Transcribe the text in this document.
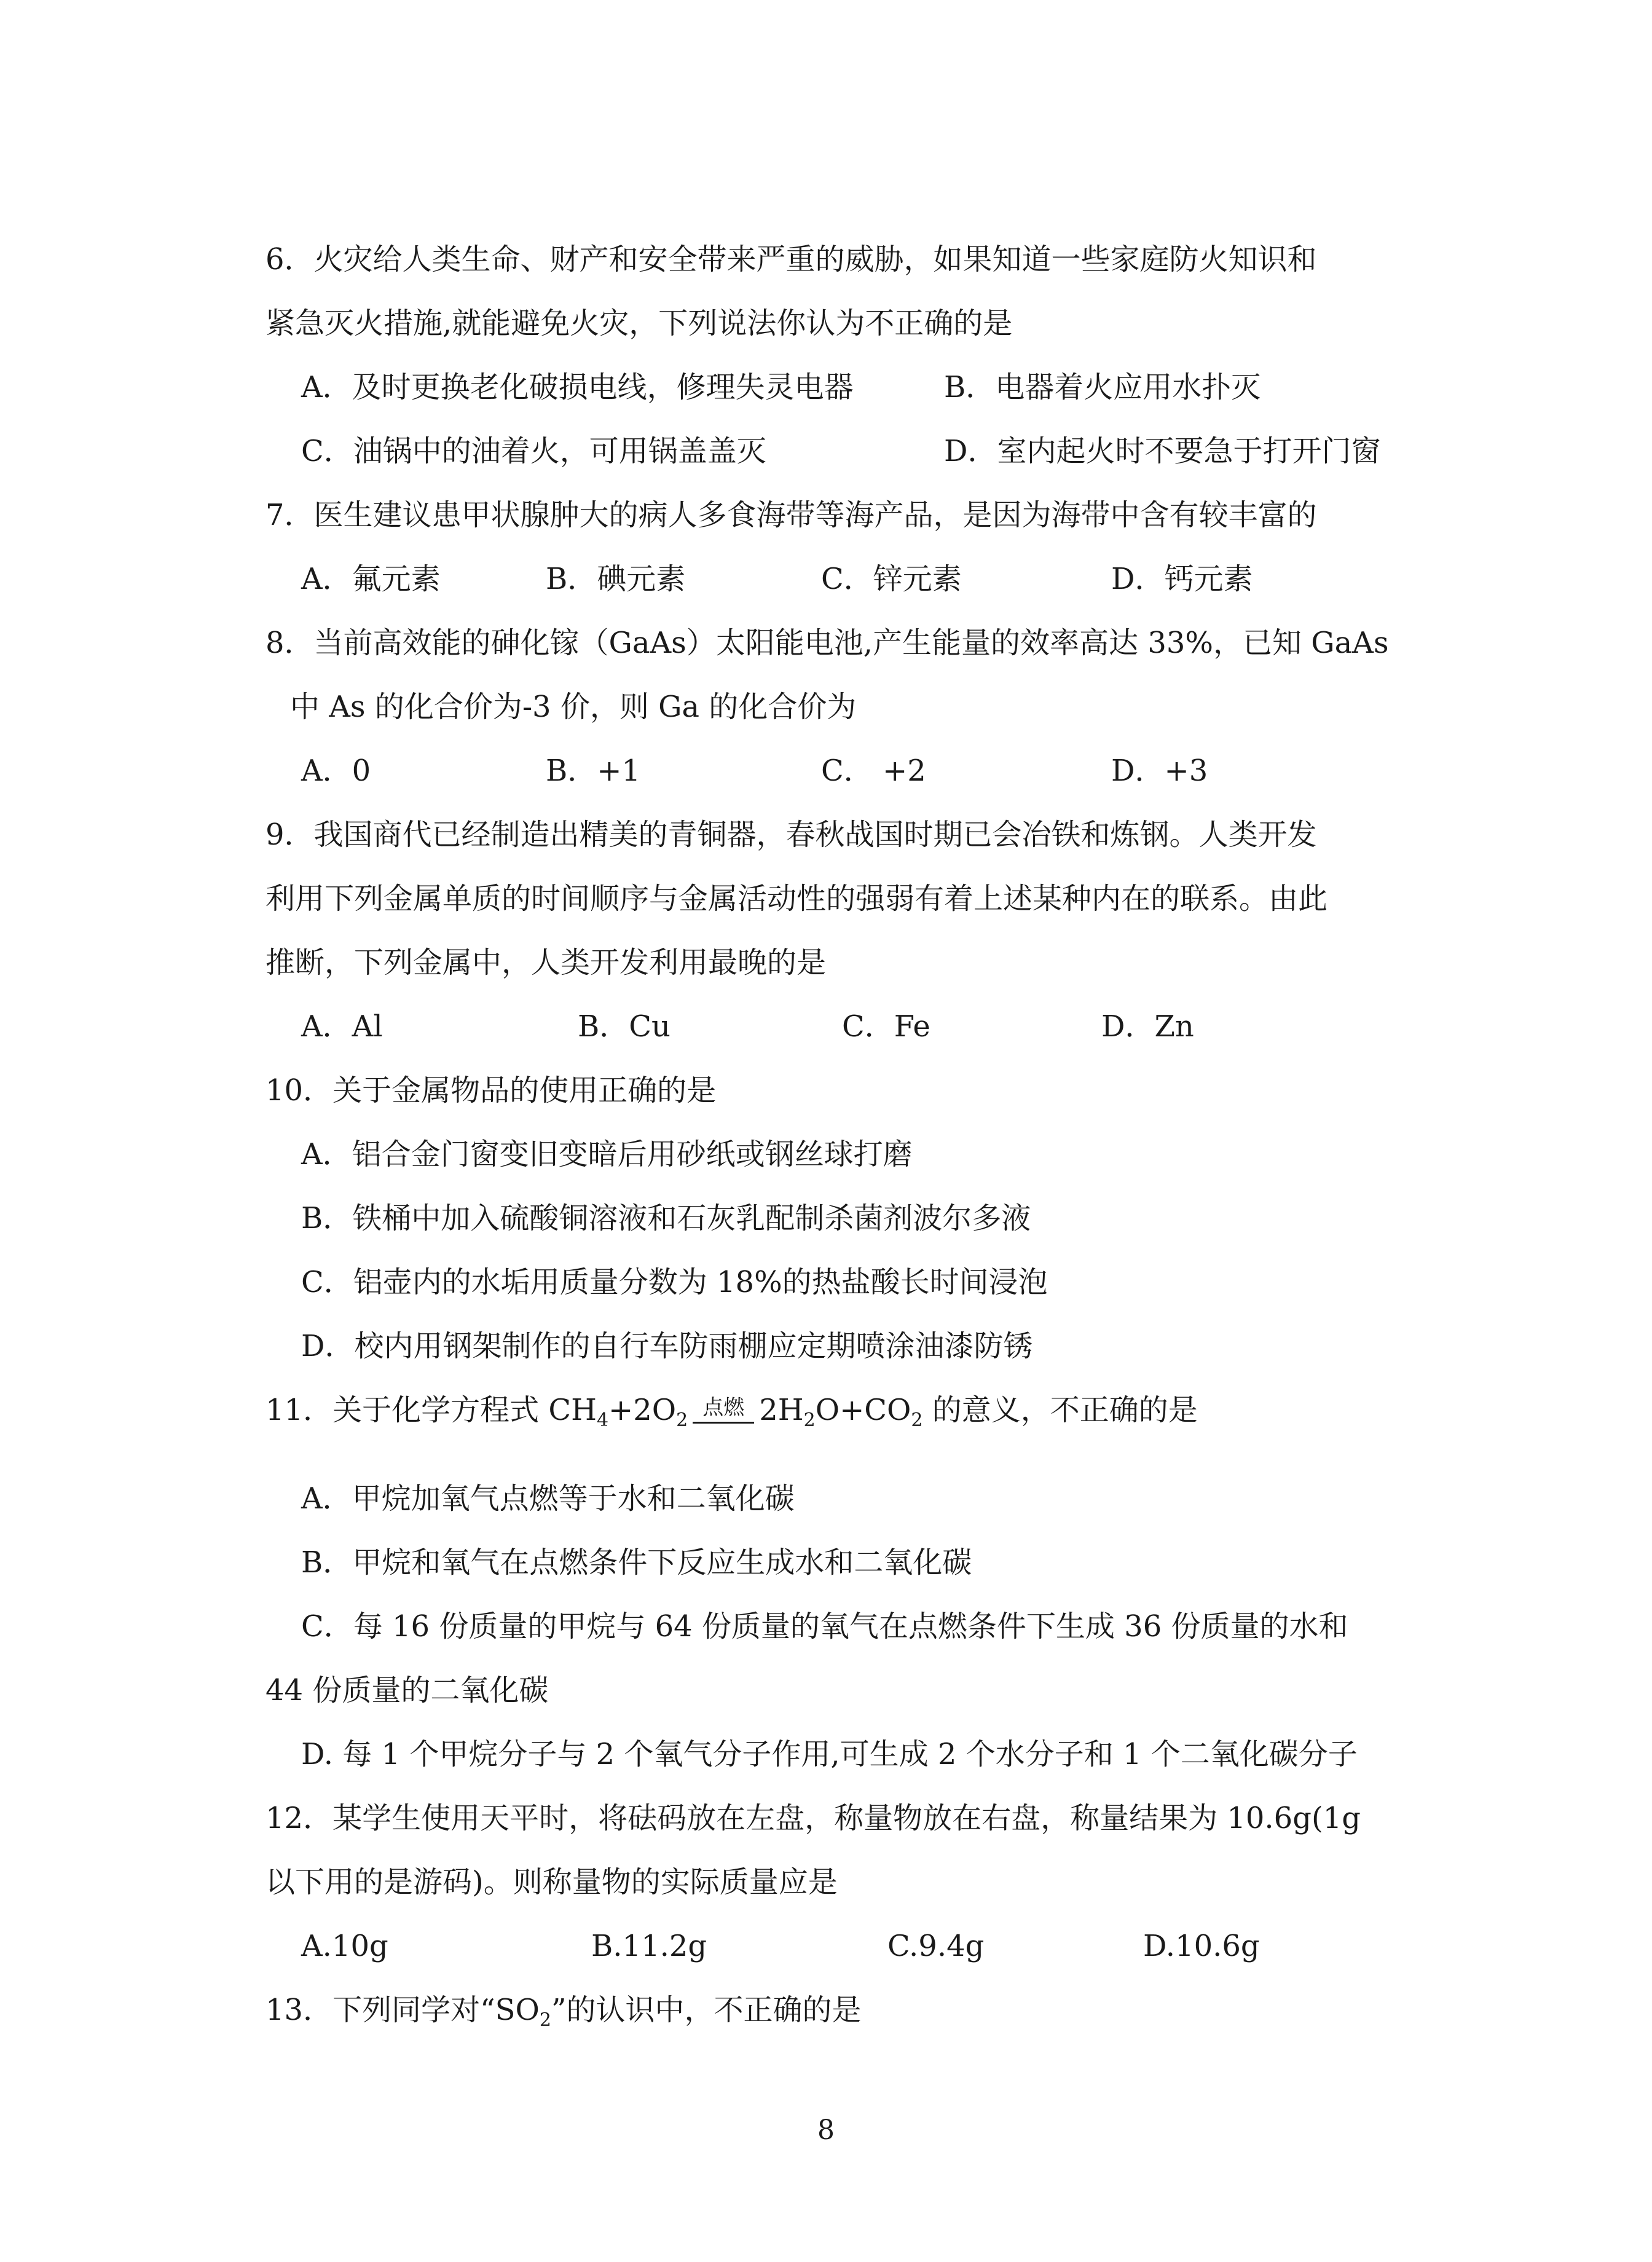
6．火灾给人类生命、财产和安全带来严重的威胁，如果知道一些家庭防火知识和
紧急灭火措施,就能避免火灾，下列说法你认为不正确的是
A．及时更换老化破损电线，修理失灵电器	B．电器着火应用水扑灭
C．油锅中的油着火，可用锅盖盖灭	D．室内起火时不要急于打开门窗
7．医生建议患甲状腺肿大的病人多食海带等海产品，是因为海带中含有较丰富的
A．氟元素	B．碘元素	C．锌元素	D．钙元素
8．当前高效能的砷化镓（GaAs）太阳能电池,产生能量的效率高达 33%，已知 GaAs
中 As 的化合价为-3 价，则 Ga 的化合价为
A．0	B．+1	C． +2	D．+3
9．我国商代已经制造出精美的青铜器，春秋战国时期已会冶铁和炼钢。人类开发
利用下列金属单质的时间顺序与金属活动性的强弱有着上述某种内在的联系。由此
推断，下列金属中，人类开发利用最晚的是
A．Al	B．Cu	C．Fe	D．Zn
10．关于金属物品的使用正确的是
A．铝合金门窗变旧变暗后用砂纸或钢丝球打磨
B．铁桶中加入硫酸铜溶液和石灰乳配制杀菌剂波尔多液
C．铝壶内的水垢用质量分数为 18%的热盐酸长时间浸泡
D．校内用钢架制作的自行车防雨棚应定期喷涂油漆防锈
11．关于化学方程式 $CH_4+2O_2$
点燃 $2H_2O+CO_2$ 的意义，不正确的是
A．甲烷加氧气点燃等于水和二氧化碳
B．甲烷和氧气在点燃条件下反应生成水和二氧化碳
C．每 16 份质量的甲烷与 64 份质量的氧气在点燃条件下生成 36 份质量的水和
44 份质量的二氧化碳
D. 每 1 个甲烷分子与 2 个氧气分子作用,可生成 2 个水分子和 1 个二氧化碳分子
12．某学生使用天平时，将砝码放在左盘，称量物放在右盘，称量结果为 10.6g(1g
以下用的是游码)。则称量物的实际质量应是
A.10g	B.11.2g	C.9.4g	D.10.6g
13．下列同学对“$SO_2$”的认识中，不正确的是
8
